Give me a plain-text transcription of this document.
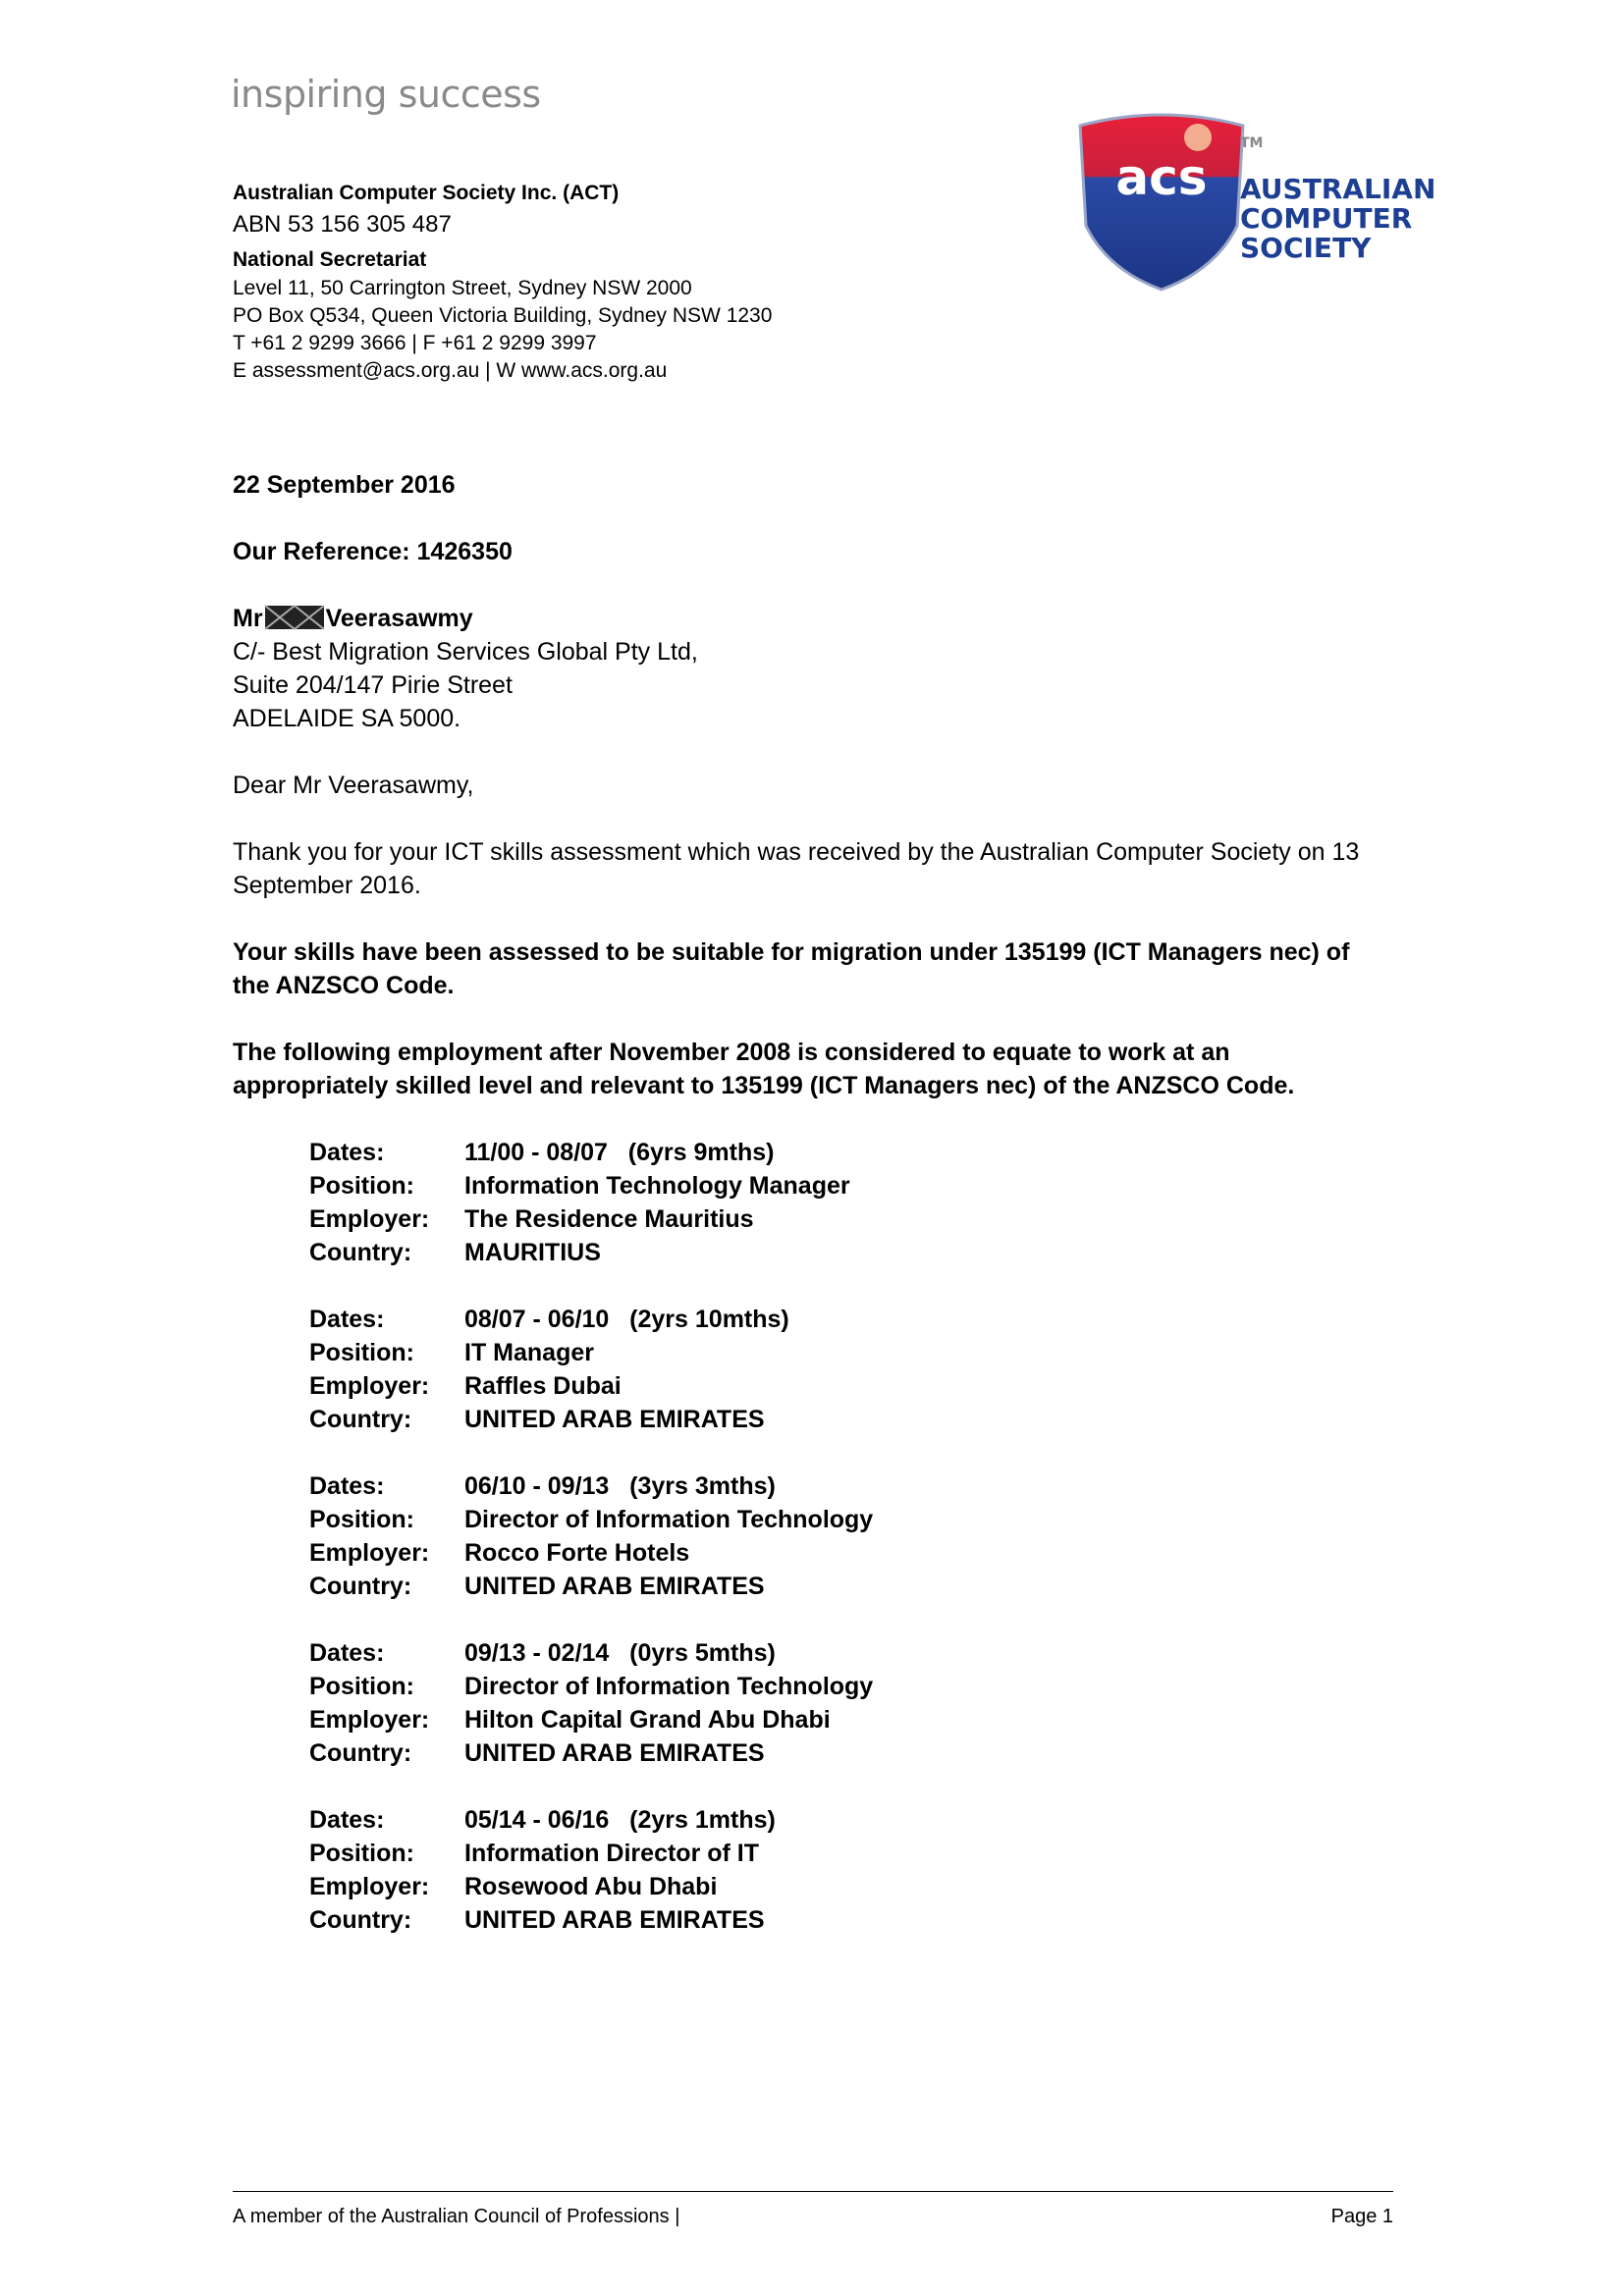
inspiring success
acs
TM
AUSTRALIAN
COMPUTER
SOCIETY
Australian Computer Society Inc. (ACT)
ABN 53 156 305 487
National Secretariat
Level 11, 50 Carrington Street, Sydney NSW 2000
PO Box Q534, Queen Victoria Building, Sydney NSW 1230
T +61 2 9299 3666 | F +61 2 9299 3997
E assessment@acs.org.au | W www.acs.org.au
22 September 2016
Our Reference: 1426350
Mr	Veerasawmy
C/- Best Migration Services Global Pty Ltd,
Suite 204/147 Pirie Street
ADELAIDE SA 5000.
Dear Mr Veerasawmy,
Thank you for your ICT skills assessment which was received by the Australian Computer Society on 13 September 2016.
Your skills have been assessed to be suitable for migration under 135199 (ICT Managers nec) of the ANZSCO Code.
The following employment after November 2008 is considered to equate to work at an appropriately skilled level and relevant to 135199 (ICT Managers nec) of the ANZSCO Code.
Dates:	11/00 - 08/07   (6yrs 9mths)
Position:	Information Technology Manager
Employer:	The Residence Mauritius
Country:	MAURITIUS
Dates:	08/07 - 06/10   (2yrs 10mths)
Position:	IT Manager
Employer:	Raffles Dubai
Country:	UNITED ARAB EMIRATES
Dates:	06/10 - 09/13   (3yrs 3mths)
Position:	Director of Information Technology
Employer:	Rocco Forte Hotels
Country:	UNITED ARAB EMIRATES
Dates:	09/13 - 02/14   (0yrs 5mths)
Position:	Director of Information Technology
Employer:	Hilton Capital Grand Abu Dhabi
Country:	UNITED ARAB EMIRATES
Dates:	05/14 - 06/16   (2yrs 1mths)
Position:	Information Director of IT
Employer:	Rosewood Abu Dhabi
Country:	UNITED ARAB EMIRATES
A member of the Australian Council of Professions |	Page 1
